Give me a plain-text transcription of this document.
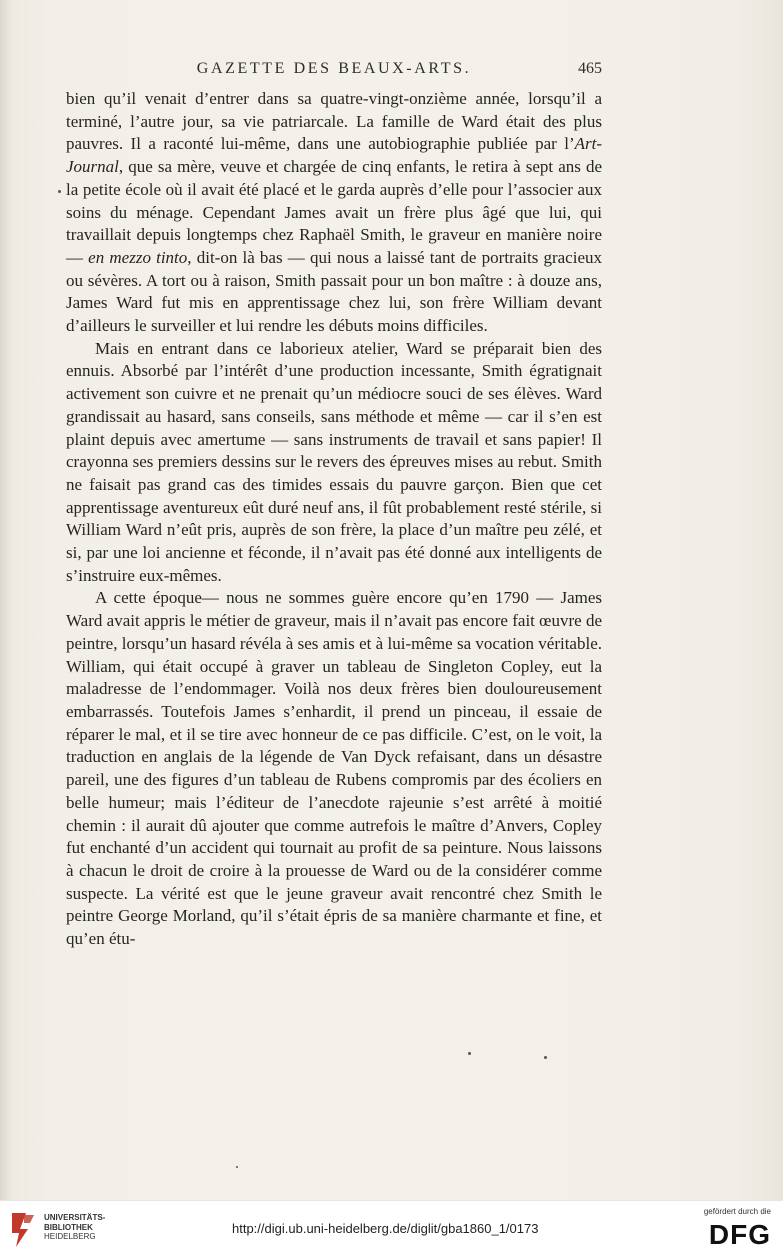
GAZETTE DES BEAUX-ARTS.	465

bien qu’il venait d’entrer dans sa quatre-vingt-onzième année, lorsqu’il a terminé, l’autre jour, sa vie patriarcale. La famille de Ward était des plus pauvres. Il a raconté lui-même, dans une autobiographie publiée par l’Art-Journal, que sa mère, veuve et chargée de cinq enfants, le retira à sept ans de la petite école où il avait été placé et le garda auprès d’elle pour l’associer aux soins du ménage. Cependant James avait un frère plus âgé que lui, qui travaillait depuis longtemps chez Raphaël Smith, le graveur en manière noire — en mezzo tinto, dit-on là bas — qui nous a laissé tant de portraits gracieux ou sévères. A tort ou à raison, Smith passait pour un bon maître : à douze ans, James Ward fut mis en apprentissage chez lui, son frère William devant d’ailleurs le surveiller et lui rendre les débuts moins difficiles.

Mais en entrant dans ce laborieux atelier, Ward se préparait bien des ennuis. Absorbé par l’intérêt d’une production incessante, Smith égratignait activement son cuivre et ne prenait qu’un médiocre souci de ses élèves. Ward grandissait au hasard, sans conseils, sans méthode et même — car il s’en est plaint depuis avec amertume — sans instruments de travail et sans papier! Il crayonna ses premiers dessins sur le revers des épreuves mises au rebut. Smith ne faisait pas grand cas des timides essais du pauvre garçon. Bien que cet apprentissage aventureux eût duré neuf ans, il fût probablement resté stérile, si William Ward n’eût pris, auprès de son frère, la place d’un maître peu zélé, et si, par une loi ancienne et féconde, il n’avait pas été donné aux intelligents de s’instruire eux-mêmes.

A cette époque— nous ne sommes guère encore qu’en 1790 — James Ward avait appris le métier de graveur, mais il n’avait pas encore fait œuvre de peintre, lorsqu’un hasard révéla à ses amis et à lui-même sa vocation véritable. William, qui était occupé à graver un tableau de Singleton Copley, eut la maladresse de l’endommager. Voilà nos deux frères bien douloureusement embarrassés. Toutefois James s’enhardit, il prend un pinceau, il essaie de réparer le mal, et il se tire avec honneur de ce pas difficile. C’est, on le voit, la traduction en anglais de la légende de Van Dyck refaisant, dans un désastre pareil, une des figures d’un tableau de Rubens compromis par des écoliers en belle humeur; mais l’éditeur de l’anecdote rajeunie s’est arrêté à moitié chemin : il aurait dû ajouter que comme autrefois le maître d’Anvers, Copley fut enchanté d’un accident qui tournait au profit de sa peinture. Nous laissons à chacun le droit de croire à la prouesse de Ward ou de la considérer comme suspecte. La vérité est que le jeune graveur avait rencontré chez Smith le peintre George Morland, qu’il s’était épris de sa manière charmante et fine, et qu’en étu-

UNIVERSITÄTS-
BIBLIOTHEK
HEIDELBERG
http://digi.ub.uni-heidelberg.de/diglit/gba1860_1/0173
gefördert durch die
DFG
